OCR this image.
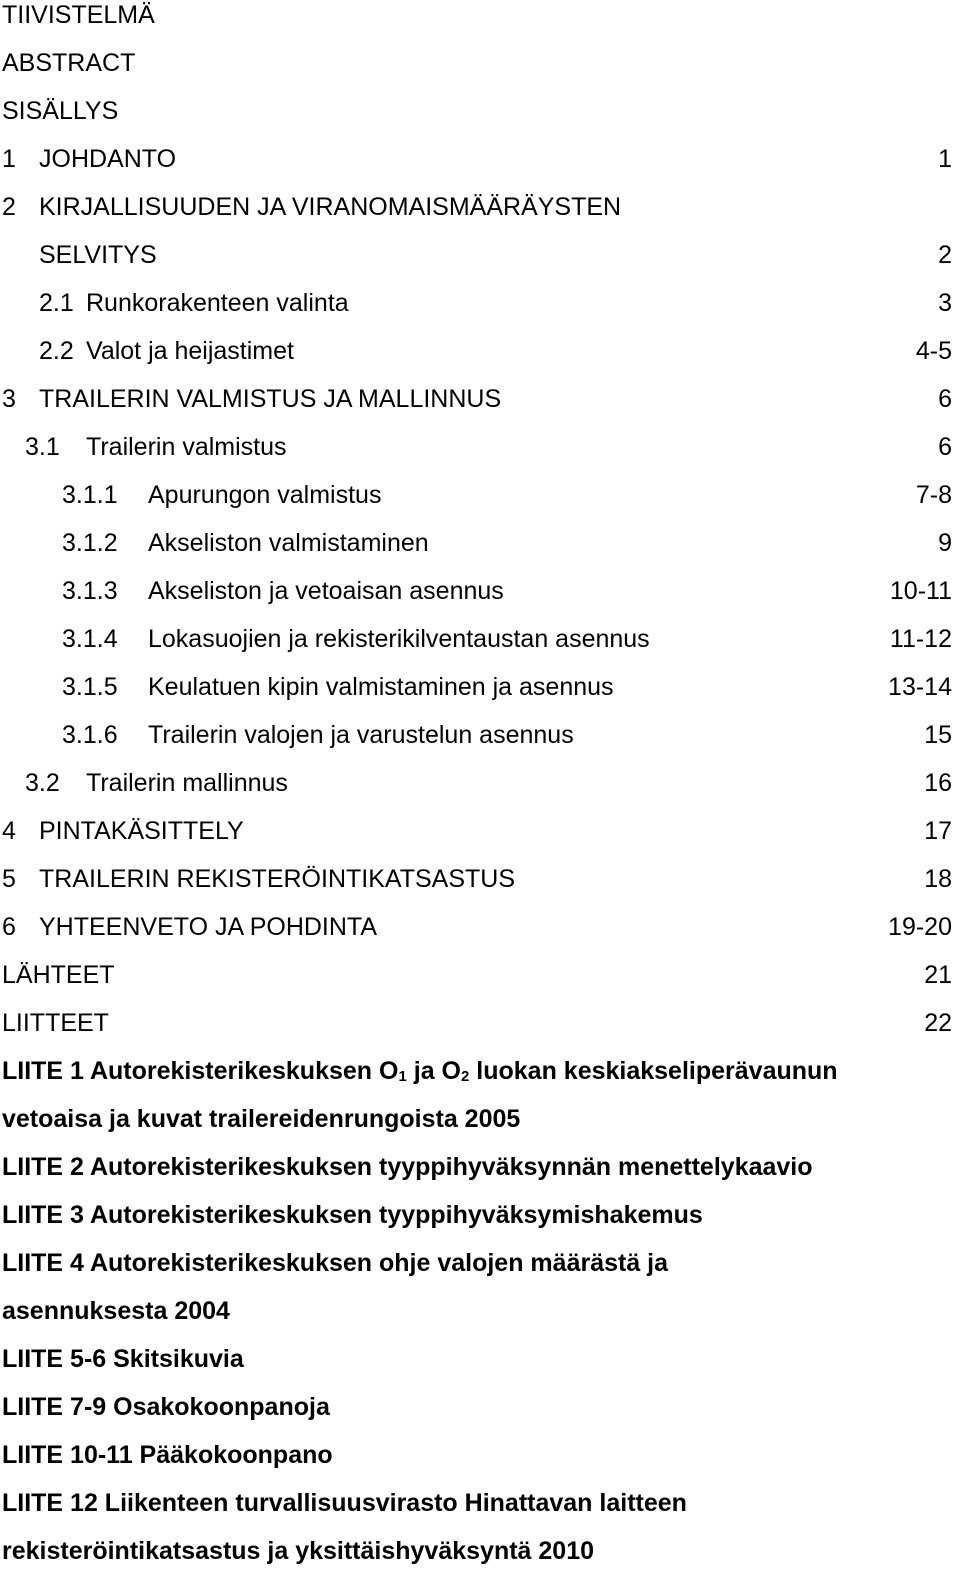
TIIVISTELMÄ
ABSTRACT
SISÄLLYS
1 JOHDANTO	1
2 KIRJALLISUUDEN JA VIRANOMAISMÄÄRÄYSTEN
SELVITYS	2
2.1 Runkorakenteen valinta	3
2.2 Valot ja heijastimet	4-5
3 TRAILERIN VALMISTUS JA MALLINNUS	6
3.1 Trailerin valmistus	6
3.1.1 Apurungon valmistus	7-8
3.1.2 Akseliston valmistaminen	9
3.1.3 Akseliston ja vetoaisan asennus	10-11
3.1.4 Lokasuojien ja rekisterikilventaustan asennus	11-12
3.1.5 Keulatuen kipin valmistaminen ja asennus	13-14
3.1.6 Trailerin valojen ja varustelun asennus	15
3.2 Trailerin mallinnus	16
4 PINTAKÄSITTELY	17
5 TRAILERIN REKISTERÖINTIKATSASTUS	18
6 YHTEENVETO JA POHDINTA	19-20
LÄHTEET	21
LIITTEET	22
LIITE 1 Autorekisterikeskuksen $O_1$ ja $O_2$ luokan keskiakseliperävaunun
vetoaisa ja kuvat trailereidenrungoista 2005
LIITE 2 Autorekisterikeskuksen tyyppihyväksynnän menettelykaavio
LIITE 3 Autorekisterikeskuksen tyyppihyväksymishakemus
LIITE 4 Autorekisterikeskuksen ohje valojen määrästä ja
asennuksesta 2004
LIITE 5-6 Skitsikuvia
LIITE 7-9 Osakokoonpanoja
LIITE 10-11 Pääkokoonpano
LIITE 12 Liikenteen turvallisuusvirasto Hinattavan laitteen
rekisteröintikatsastus ja yksittäishyväksyntä 2010
